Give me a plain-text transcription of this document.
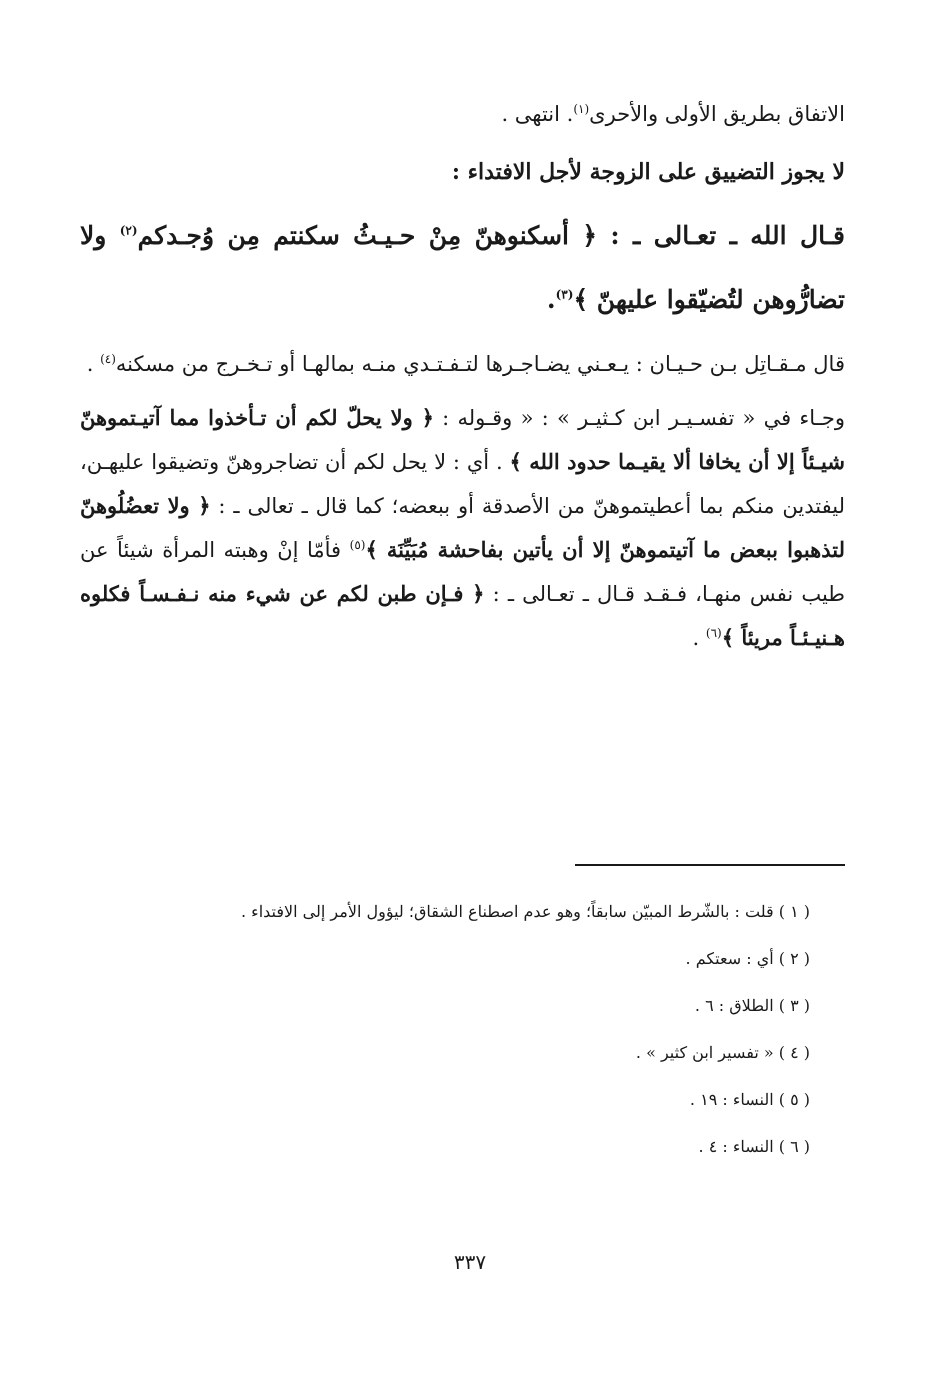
الاتفاق بطريق الأولى والأحرى$^{(١)}$. انتهى .

لا يجوز التضييق على الزوجة لأجل الافتداء :

قـال الله ـ تعـالى ـ : ﴿ أسكنوهنّ مِنْ حـيـثُ سكنتم مِن وُجـدكم$^{(٢)}$ ولا تضارُّوهن لتُضيّقوا عليهنّ ﴾$^{(٣)}$.

قال مـقـاتِل بـن حـيـان : يـعـني يضـاجـرها لتـفـتـدي منـه بمالهـا أو تـخـرج من مسكنه$^{(٤)}$ .

وجـاء في « تفسـيـر ابن كـثيـر » : « وقـوله : ﴿ ولا يحلّ لكم أن تـأخذوا مما آتيـتموهنّ شيـئاً إلا أن يخافا ألا يقيـما حدود الله ﴾ . أي : لا يحل لكم أن تضاجروهنّ وتضيقوا عليهـن، ليفتدين منكم بما أعطيتموهنّ من الأصدقة أو ببعضه؛ كما قال ـ تعالى ـ : ﴿ ولا تعضُلُوهنّ لتذهبوا ببعض ما آتيتموهنّ إلا أن يأتين بفاحشة مُبَيِّنَة ﴾$^{(٥)}$ فأمّا إنْ وهبته المرأة شيئاً عن طيب نفس منهـا، فـقـد قـال ـ تعـالى ـ : ﴿ فـإن طبن لكم عن شيء منه نـفـسـاً فكلوه هـنيـئـاً مريئاً ﴾$^{(٦)}$ .

( ١ ) قلت : بالشّرط المبيّن سابقاً؛ وهو عدم اصطناع الشقاق؛ ليؤول الأمر إلى الافتداء .

( ٢ ) أي : سعتكم .

( ٣ ) الطلاق : ٦ .

( ٤ ) « تفسير ابن كثير » .

( ٥ ) النساء : ١٩ .

( ٦ ) النساء : ٤ .

٣٣٧
